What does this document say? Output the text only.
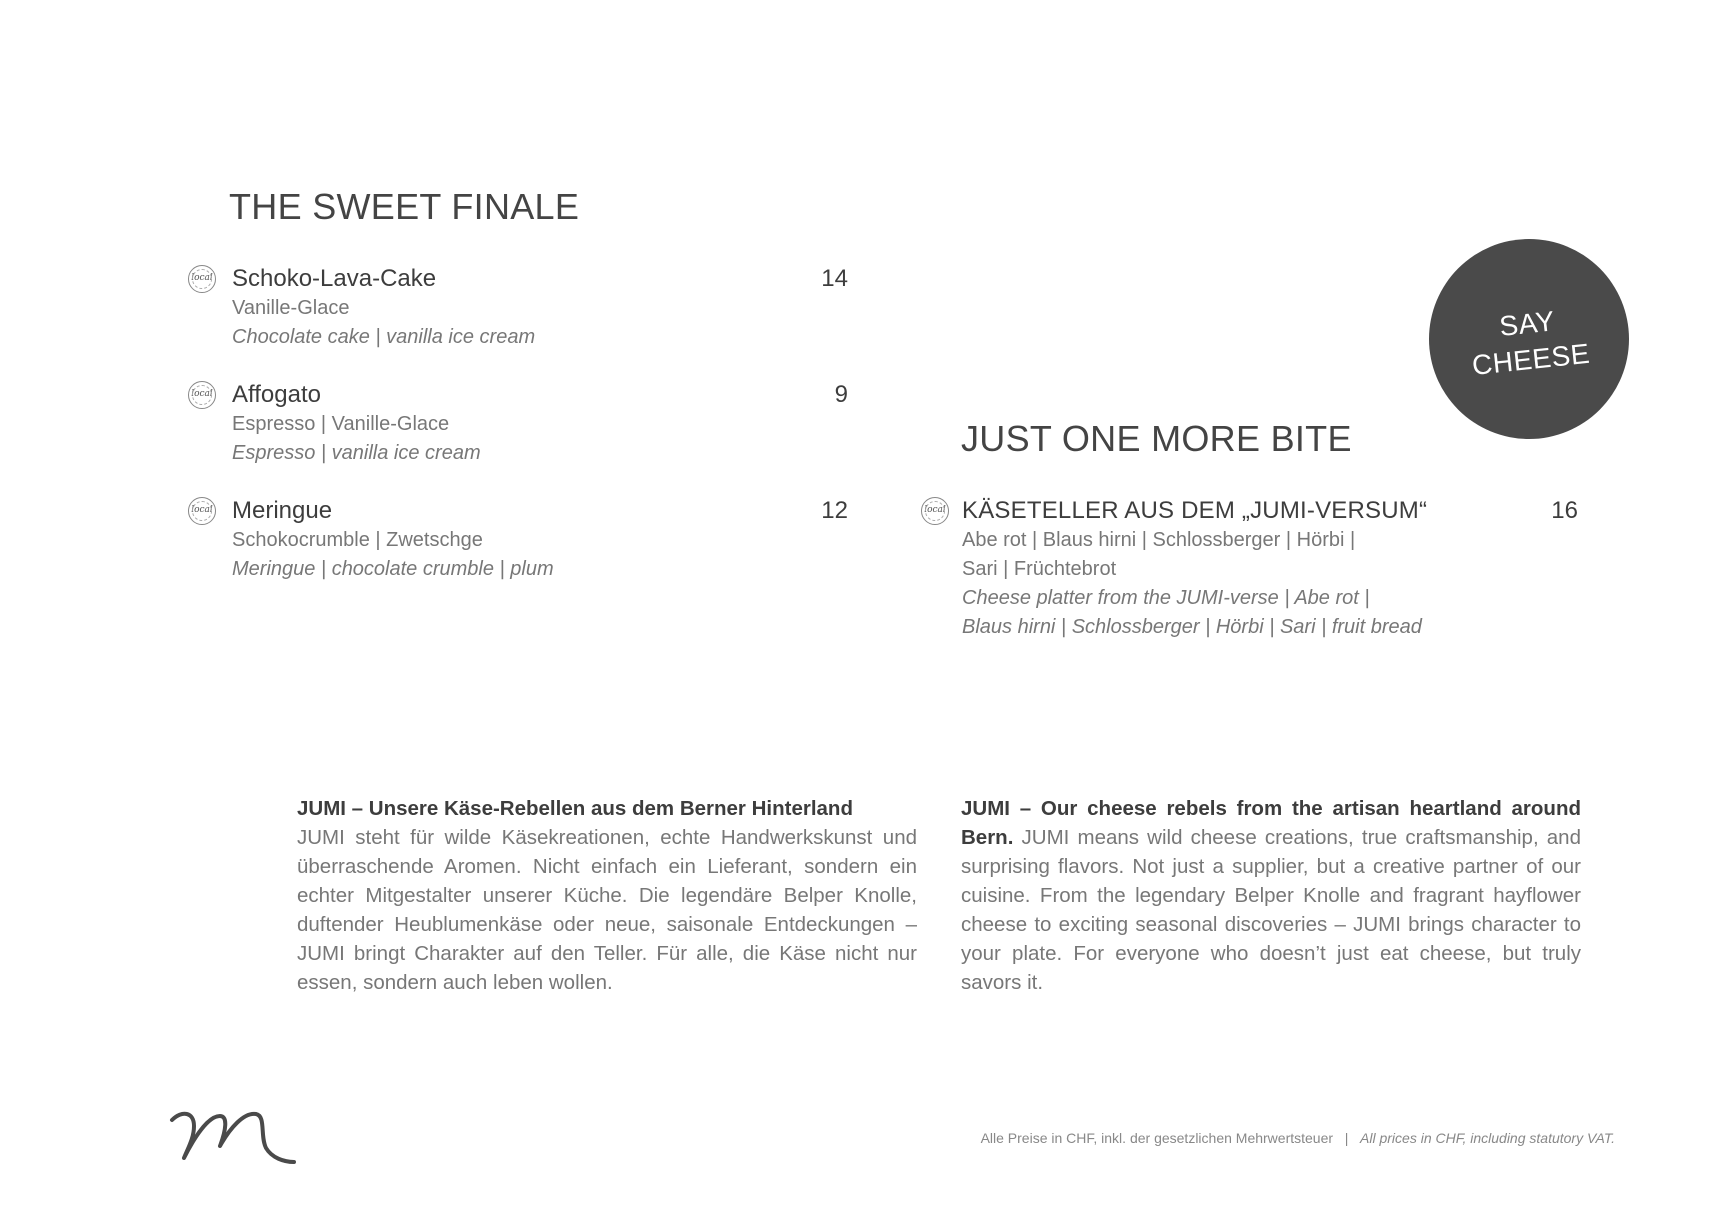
THE SWEET FINALE
local Schoko-Lava-Cake	14
Vanille-Glace
Chocolate cake | vanilla ice cream
local Affogato	9
Espresso | Vanille-Glace
Espresso | vanilla ice cream
local Meringue	12
Schokocrumble | Zwetschge
Meringue | chocolate crumble | plum
SAY
CHEESE
JUST ONE MORE BITE
local KÄSETELLER AUS DEM „JUMI-VERSUM“	16
Abe rot | Blaus hirni | Schlossberger | Hörbi |
Sari | Früchtebrot
Cheese platter from the JUMI-verse | Abe rot |
Blaus hirni | Schlossberger | Hörbi | Sari | fruit bread
JUMI – Unsere Käse-Rebellen aus dem Berner Hinterland
JUMI steht für wilde Käsekreationen, echte Handwerkskunst und überraschende Aromen. Nicht einfach ein Lieferant, sondern ein echter Mitgestalter unserer Küche. Die legendäre Belper Knolle, duftender Heublumenkäse oder neue, saisonale Entdeckungen – JUMI bringt Charakter auf den Teller. Für alle, die Käse nicht nur essen, sondern auch leben wollen.
JUMI – Our cheese rebels from the artisan heartland around Bern. JUMI means wild cheese creations, true craftsmanship, and surprising flavors. Not just a supplier, but a creative partner of our cuisine. From the legendary Belper Knolle and fragrant hayflower cheese to exciting seasonal discoveries – JUMI brings character to your plate. For everyone who doesn’t just eat cheese, but truly savors it.
Alle Preise in CHF, inkl. der gesetzlichen Mehrwertsteuer | All prices in CHF, including statutory VAT.
